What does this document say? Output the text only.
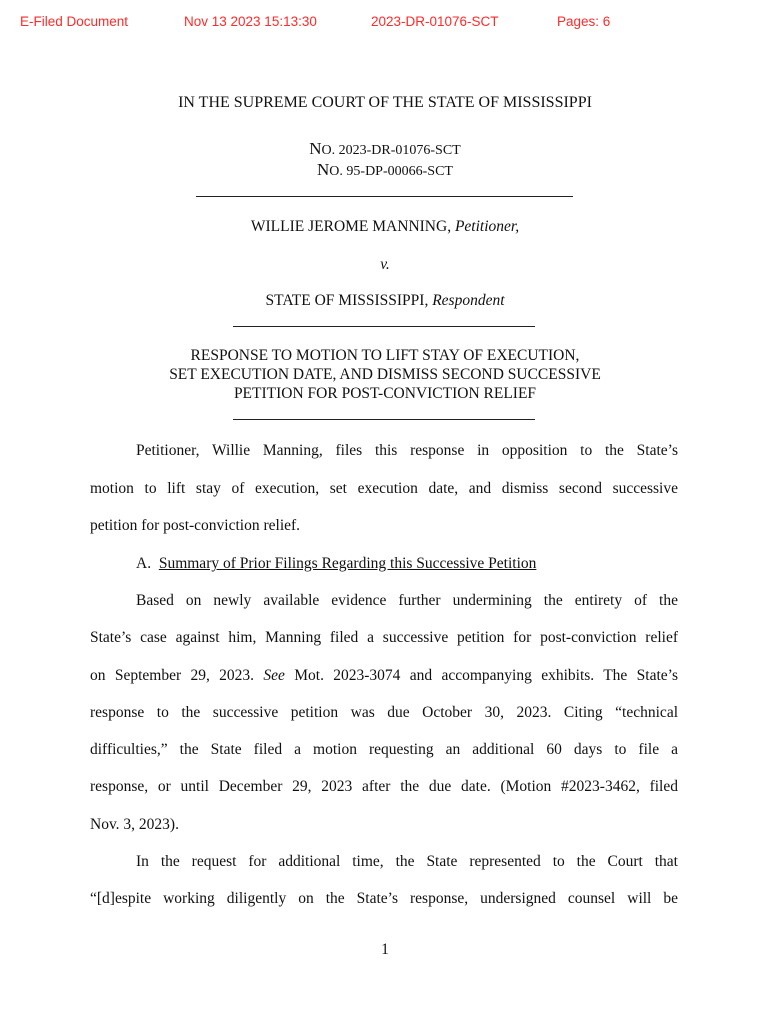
E-Filed Document	Nov 13 2023 15:13:30	2023-DR-01076-SCT	Pages: 6
IN THE SUPREME COURT OF THE STATE OF MISSISSIPPI
NO. 2023-DR-01076-SCT
NO. 95-DP-00066-SCT
WILLIE JEROME MANNING, Petitioner,
v.
STATE OF MISSISSIPPI, Respondent
RESPONSE TO MOTION TO LIFT STAY OF EXECUTION,
SET EXECUTION DATE, AND DISMISS SECOND SUCCESSIVE
PETITION FOR POST-CONVICTION RELIEF
Petitioner, Willie Manning, files this response in opposition to the State’s
motion to lift stay of execution, set execution date, and dismiss second successive
petition for post-conviction relief.
A. Summary of Prior Filings Regarding this Successive Petition
Based on newly available evidence further undermining the entirety of the
State’s case against him, Manning filed a successive petition for post-conviction relief
on September 29, 2023. See Mot. 2023-3074 and accompanying exhibits. The State’s
response to the successive petition was due October 30, 2023. Citing “technical
difficulties,” the State filed a motion requesting an additional 60 days to file a
response, or until December 29, 2023 after the due date. (Motion #2023-3462, filed
Nov. 3, 2023).
In the request for additional time, the State represented to the Court that
“[d]espite working diligently on the State’s response, undersigned counsel will be
1
